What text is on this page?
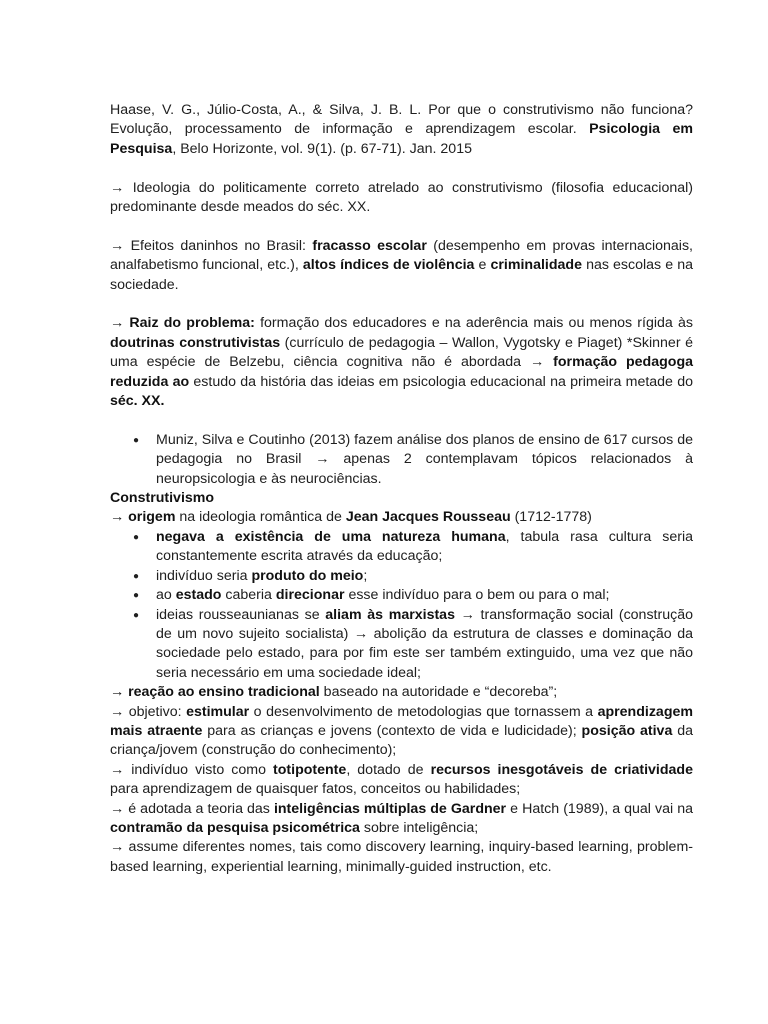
Haase, V. G., Júlio-Costa, A., & Silva, J. B. L. Por que o construtivismo não funciona? Evolução, processamento de informação e aprendizagem escolar. Psicologia em Pesquisa, Belo Horizonte, vol. 9(1). (p. 67-71). Jan. 2015

→ Ideologia do politicamente correto atrelado ao construtivismo (filosofia educacional) predominante desde meados do séc. XX.

→ Efeitos daninhos no Brasil: fracasso escolar (desempenho em provas internacionais, analfabetismo funcional, etc.), altos índices de violência e criminalidade nas escolas e na sociedade.

→ Raiz do problema: formação dos educadores e na aderência mais ou menos rígida às doutrinas construtivistas (currículo de pedagogia – Wallon, Vygotsky e Piaget) *Skinner é uma espécie de Belzebu, ciência cognitiva não é abordada → formação pedagoga reduzida ao estudo da história das ideias em psicologia educacional na primeira metade do séc. XX.

● Muniz, Silva e Coutinho (2013) fazem análise dos planos de ensino de 617 cursos de pedagogia no Brasil → apenas 2 contemplavam tópicos relacionados à neuropsicologia e às neurociências.

Construtivismo

→ origem na ideologia romântica de Jean Jacques Rousseau (1712-1778)

● negava a existência de uma natureza humana, tabula rasa cultura seria constantemente escrita através da educação;
● indivíduo seria produto do meio;
● ao estado caberia direcionar esse indivíduo para o bem ou para o mal;
● ideias rousseaunianas se aliam às marxistas → transformação social (construção de um novo sujeito socialista) → abolição da estrutura de classes e dominação da sociedade pelo estado, para por fim este ser também extinguido, uma vez que não seria necessário em uma sociedade ideal;

→ reação ao ensino tradicional baseado na autoridade e “decoreba”;

→ objetivo: estimular o desenvolvimento de metodologias que tornassem a aprendizagem mais atraente para as crianças e jovens (contexto de vida e ludicidade); posição ativa da criança/jovem (construção do conhecimento);

→ indivíduo visto como totipotente, dotado de recursos inesgotáveis de criatividade para aprendizagem de quaisquer fatos, conceitos ou habilidades;

→ é adotada a teoria das inteligências múltiplas de Gardner e Hatch (1989), a qual vai na contramão da pesquisa psicométrica sobre inteligência;

→ assume diferentes nomes, tais como discovery learning, inquiry-based learning, problem-based learning, experiential learning, minimally-guided instruction, etc.
